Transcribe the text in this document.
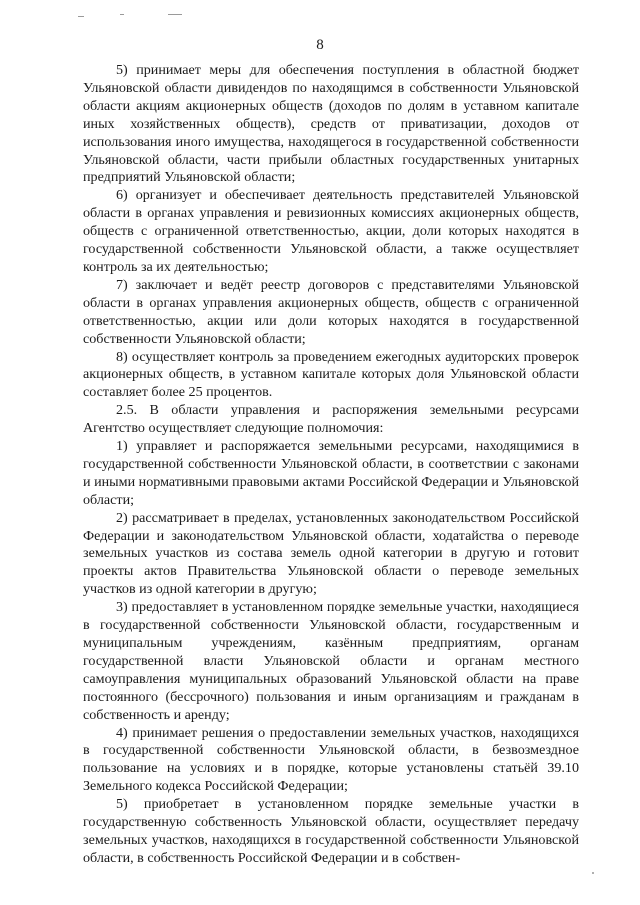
8

5) принимает меры для обеспечения поступления в областной бюджет Ульяновской области дивидендов по находящимся в собственности Ульяновской области акциям акционерных обществ (доходов по долям в уставном капитале иных хозяйственных обществ), средств от приватизации, доходов от использования иного имущества, находящегося в государственной собственности Ульяновской области, части прибыли областных государственных унитарных предприятий Ульяновской области;

6) организует и обеспечивает деятельность представителей Ульяновской области в органах управления и ревизионных комиссиях акционерных обществ, обществ с ограниченной ответственностью, акции, доли которых находятся в государственной собственности Ульяновской области, а также осуществляет контроль за их деятельностью;

7) заключает и ведёт реестр договоров с представителями Ульяновской области в органах управления акционерных обществ, обществ с ограниченной ответственностью, акции или доли которых находятся в государственной собственности Ульяновской области;

8) осуществляет контроль за проведением ежегодных аудиторских проверок акционерных обществ, в уставном капитале которых доля Ульяновской области составляет более 25 процентов.

2.5. В области управления и распоряжения земельными ресурсами Агентство осуществляет следующие полномочия:

1) управляет и распоряжается земельными ресурсами, находящимися в государственной собственности Ульяновской области, в соответствии с законами и иными нормативными правовыми актами Российской Федерации и Ульяновской области;

2) рассматривает в пределах, установленных законодательством Российской Федерации и законодательством Ульяновской области, ходатайства о переводе земельных участков из состава земель одной категории в другую и готовит проекты актов Правительства Ульяновской области о переводе земельных участков из одной категории в другую;

3) предоставляет в установленном порядке земельные участки, находящиеся в государственной собственности Ульяновской области, государственным и муниципальным учреждениям, казённым предприятиям, органам государственной власти Ульяновской области и органам местного самоуправления муниципальных образований Ульяновской области на праве постоянного (бессрочного) пользования и иным организациям и гражданам в собственность и аренду;

4) принимает решения о предоставлении земельных участков, находящихся в государственной собственности Ульяновской области, в безвозмездное пользование на условиях и в порядке, которые установлены статьёй 39.10 Земельного кодекса Российской Федерации;

5) приобретает в установленном порядке земельные участки в государственную собственность Ульяновской области, осуществляет передачу земельных участков, находящихся в государственной собственности Ульяновской области, в собственность Российской Федерации и в собствен-
